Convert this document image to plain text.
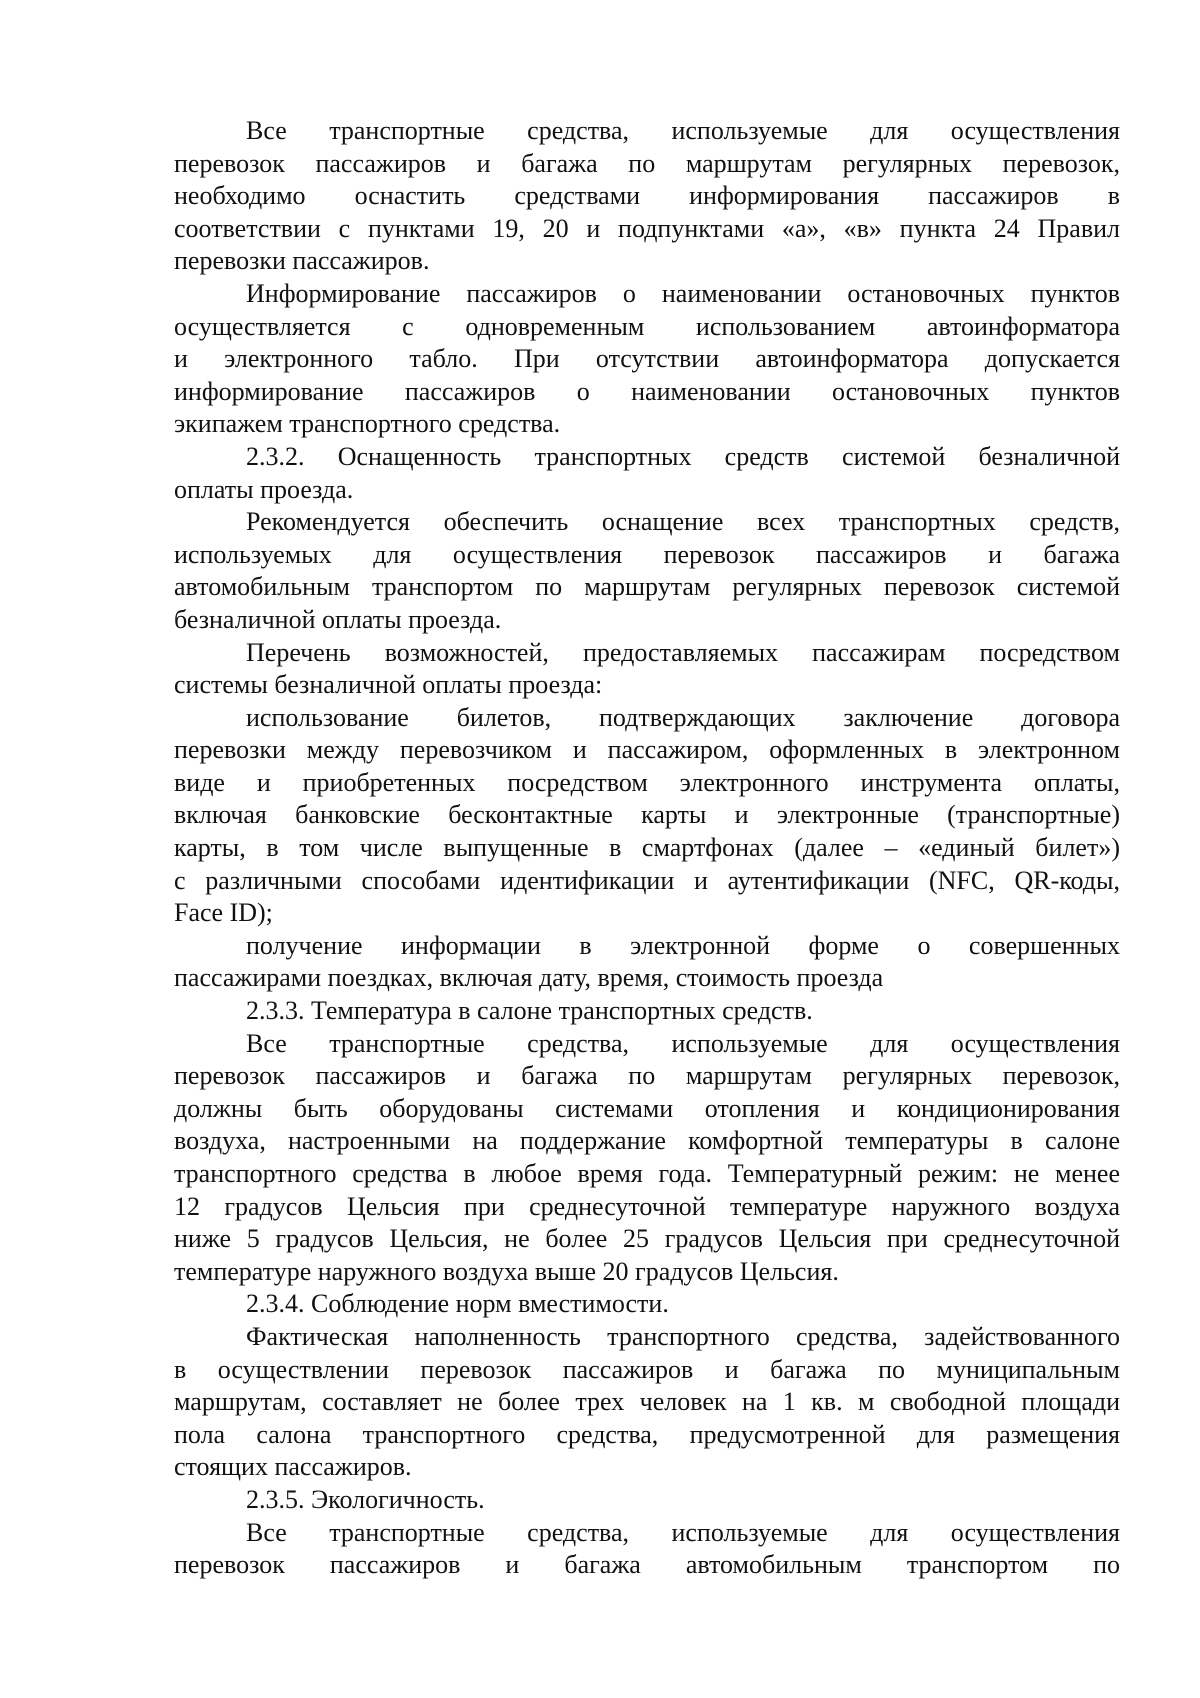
Все транспортные средства, используемые для осуществления
перевозок пассажиров и багажа по маршрутам регулярных перевозок,
необходимо оснастить средствами информирования пассажиров в
соответствии с пунктами 19, 20 и подпунктами «а», «в» пункта 24 Правил
перевозки пассажиров.
Информирование пассажиров о наименовании остановочных пунктов
осуществляется с одновременным использованием автоинформатора
и электронного табло. При отсутствии автоинформатора допускается
информирование пассажиров о наименовании остановочных пунктов
экипажем транспортного средства.
2.3.2. Оснащенность транспортных средств системой безналичной
оплаты проезда.
Рекомендуется обеспечить оснащение всех транспортных средств,
используемых для осуществления перевозок пассажиров и багажа
автомобильным транспортом по маршрутам регулярных перевозок системой
безналичной оплаты проезда.
Перечень возможностей, предоставляемых пассажирам посредством
системы безналичной оплаты проезда:
использование билетов, подтверждающих заключение договора
перевозки между перевозчиком и пассажиром, оформленных в электронном
виде и приобретенных посредством электронного инструмента оплаты,
включая банковские бесконтактные карты и электронные (транспортные)
карты, в том числе выпущенные в смартфонах (далее – «единый билет»)
с различными способами идентификации и аутентификации (NFC, QR-коды,
Face ID);
получение информации в электронной форме о совершенных
пассажирами поездках, включая дату, время, стоимость проезда
2.3.3. Температура в салоне транспортных средств.
Все транспортные средства, используемые для осуществления
перевозок пассажиров и багажа по маршрутам регулярных перевозок,
должны быть оборудованы системами отопления и кондиционирования
воздуха, настроенными на поддержание комфортной температуры в салоне
транспортного средства в любое время года. Температурный режим: не менее
12 градусов Цельсия при среднесуточной температуре наружного воздуха
ниже 5 градусов Цельсия, не более 25 градусов Цельсия при среднесуточной
температуре наружного воздуха выше 20 градусов Цельсия.
2.3.4. Соблюдение норм вместимости.
Фактическая наполненность транспортного средства, задействованного
в осуществлении перевозок пассажиров и багажа по муниципальным
маршрутам, составляет не более трех человек на 1 кв. м свободной площади
пола салона транспортного средства, предусмотренной для размещения
стоящих пассажиров.
2.3.5. Экологичность.
Все транспортные средства, используемые для осуществления
перевозок пассажиров и багажа автомобильным транспортом по
